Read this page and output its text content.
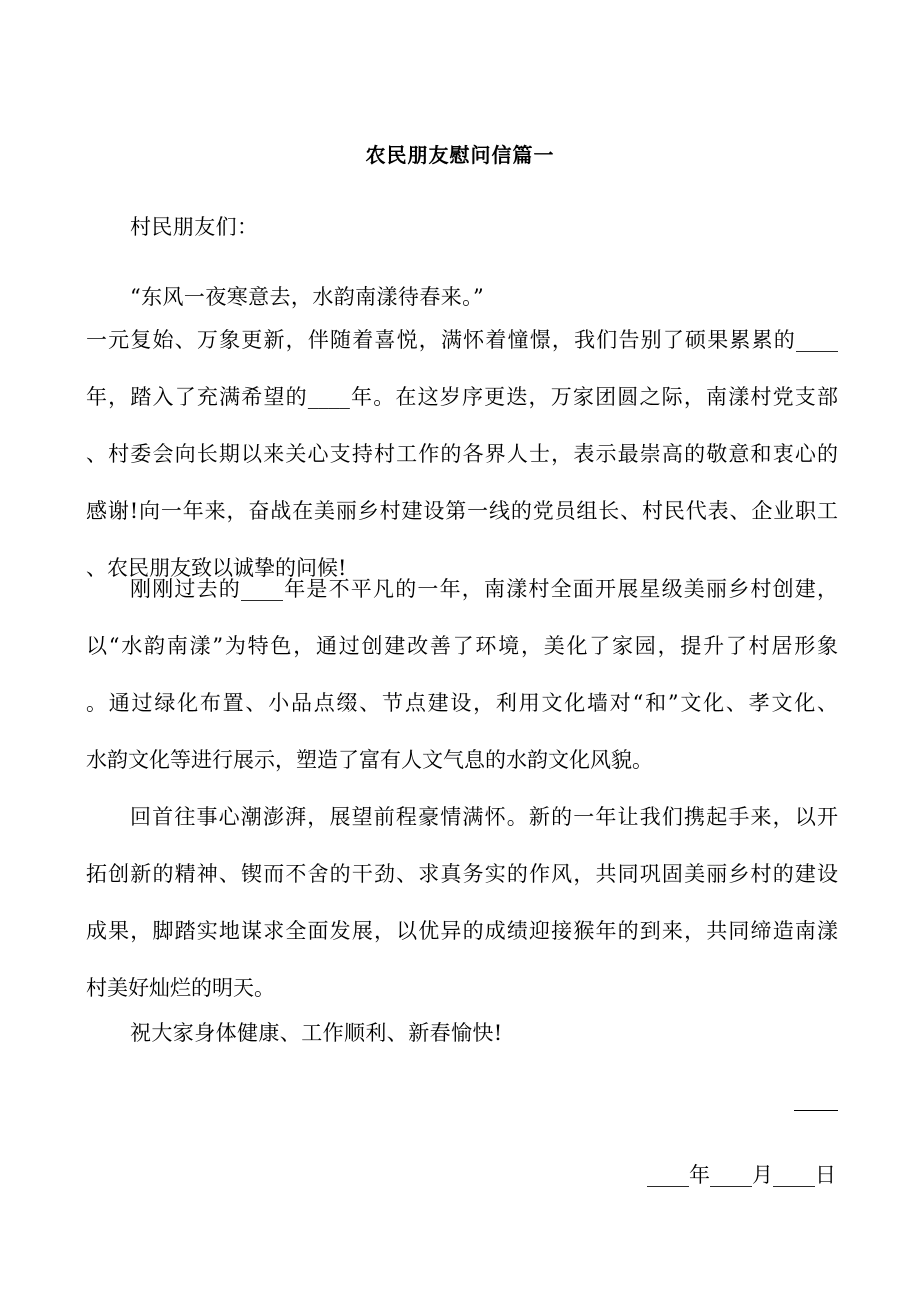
农民朋友慰问信篇一
村民朋友们：
“东风一夜寒意去，水韵南漾待春来。”
一元复始、万象更新，伴随着喜悦，满怀着憧憬，我们告别了硕果累累的____
年，踏入了充满希望的____年。在这岁序更迭，万家团圆之际，南漾村党支部
、村委会向长期以来关心支持村工作的各界人士，表示最崇高的敬意和衷心的
感谢!向一年来，奋战在美丽乡村建设第一线的党员组长、村民代表、企业职工
、农民朋友致以诚挚的问候!
刚刚过去的____年是不平凡的一年，南漾村全面开展星级美丽乡村创建，
以“水韵南漾”为特色，通过创建改善了环境，美化了家园，提升了村居形象
。通过绿化布置、小品点缀、节点建设，利用文化墙对“和”文化、孝文化、
水韵文化等进行展示，塑造了富有人文气息的水韵文化风貌。
回首往事心潮澎湃，展望前程豪情满怀。新的一年让我们携起手来，以开
拓创新的精神、锲而不舍的干劲、求真务实的作风，共同巩固美丽乡村的建设
成果，脚踏实地谋求全面发展，以优异的成绩迎接猴年的到来，共同缔造南漾
村美好灿烂的明天。
祝大家身体健康、工作顺利、新春愉快!
____年____月____日
